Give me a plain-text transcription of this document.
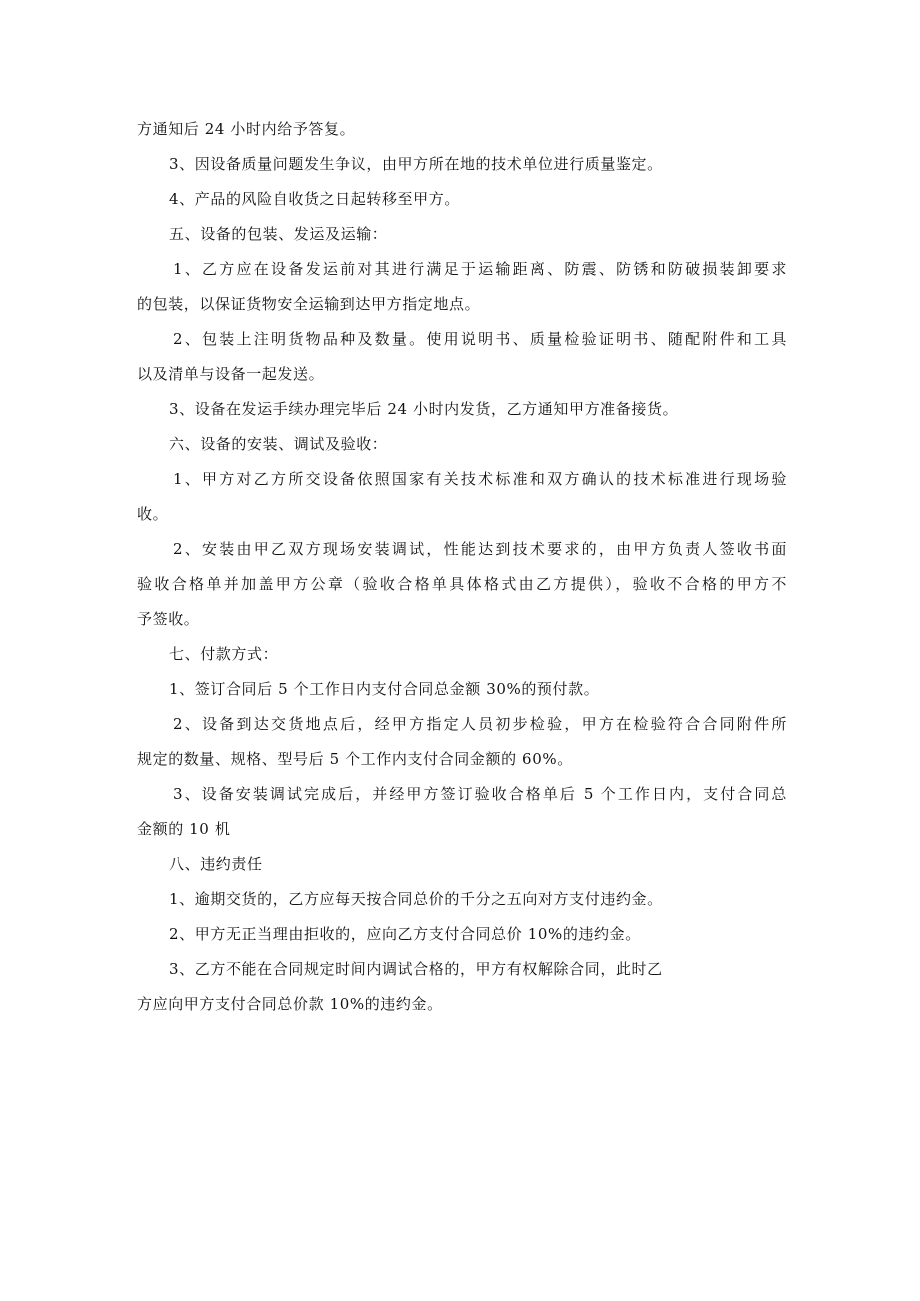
方通知后 24 小时内给予答复。
3、因设备质量问题发生争议，由甲方所在地的技术单位进行质量鉴定。
4、产品的风险自收货之日起转移至甲方。
五、设备的包装、发运及运输：
1、乙方应在设备发运前对其进行满足于运输距离、防震、防锈和防破损装卸要求
的包装，以保证货物安全运输到达甲方指定地点。
2、包装上注明货物品种及数量。使用说明书、质量检验证明书、随配附件和工具
以及清单与设备一起发送。
3、设备在发运手续办理完毕后 24 小时内发货，乙方通知甲方准备接货。
六、设备的安装、调试及验收：
1、甲方对乙方所交设备依照国家有关技术标准和双方确认的技术标准进行现场验
收。
2、安装由甲乙双方现场安装调试，性能达到技术要求的，由甲方负责人签收书面
验收合格单并加盖甲方公章（验收合格单具体格式由乙方提供），验收不合格的甲方不
予签收。
七、付款方式：
1、签订合同后 5 个工作日内支付合同总金额 30%的预付款。
2、设备到达交货地点后，经甲方指定人员初步检验，甲方在检验符合合同附件所
规定的数量、规格、型号后 5 个工作内支付合同金额的 60%。
3、设备安装调试完成后，并经甲方签订验收合格单后 5 个工作日内，支付合同总
金额的 10 机
八、违约责任
1、逾期交货的，乙方应每天按合同总价的千分之五向对方支付违约金。
2、甲方无正当理由拒收的，应向乙方支付合同总价 10%的违约金。
3、乙方不能在合同规定时间内调试合格的，甲方有权解除合同，此时乙
方应向甲方支付合同总价款 10%的违约金。
